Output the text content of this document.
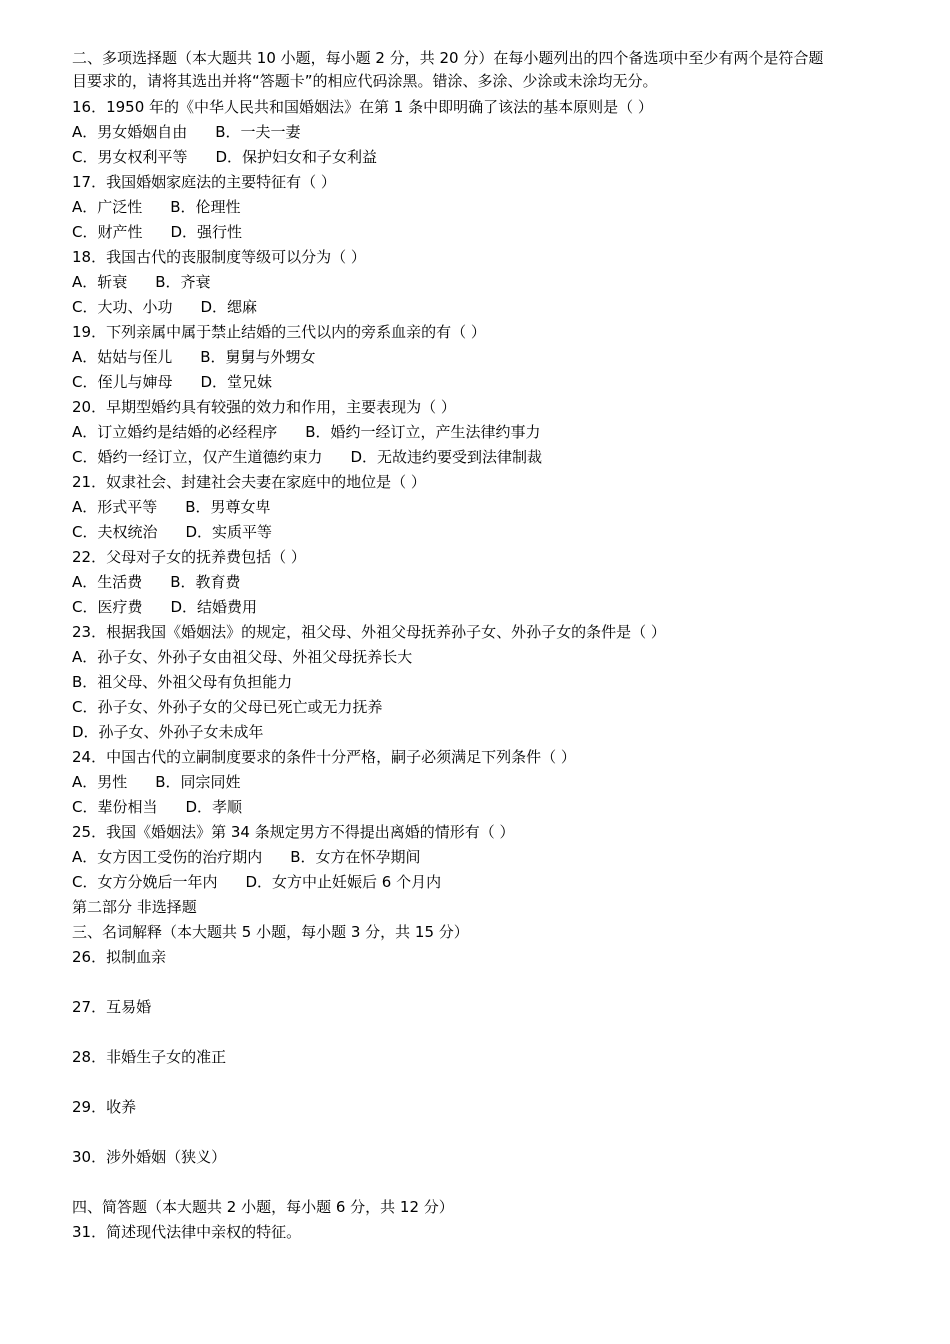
二、多项选择题（本大题共 10 小题，每小题 2 分，共 20 分）在每小题列出的四个备选项中至少有两个是符合题
目要求的，请将其选出并将“答题卡”的相应代码涂黑。错涂、多涂、少涂或未涂均无分。
16．1950 年的《中华人民共和国婚姻法》在第 1 条中即明确了该法的基本原则是（ ）
A．男女婚姻自由 B．一夫一妻
C．男女权利平等 D．保护妇女和子女利益
17．我国婚姻家庭法的主要特征有（ ）
A．广泛性 B．伦理性
C．财产性 D．强行性
18．我国古代的丧服制度等级可以分为（ ）
A．斩衰 B．齐衰
C．大功、小功 D．缌麻
19．下列亲属中属于禁止结婚的三代以内的旁系血亲的有（ ）
A．姑姑与侄儿 B．舅舅与外甥女
C．侄儿与婶母 D．堂兄妹
20．早期型婚约具有较强的效力和作用，主要表现为（ ）
A．订立婚约是结婚的必经程序 B．婚约一经订立，产生法律约事力
C．婚约一经订立，仅产生道德约束力 D．无故违约要受到法律制裁
21．奴隶社会、封建社会夫妻在家庭中的地位是（ ）
A．形式平等 B．男尊女卑
C．夫权统治 D．实质平等
22．父母对子女的抚养费包括（ ）
A．生活费 B．教育费
C．医疗费 D．结婚费用
23．根据我国《婚姻法》的规定，祖父母、外祖父母抚养孙子女、外孙子女的条件是（ ）
A．孙子女、外孙子女由祖父母、外祖父母抚养长大
B．祖父母、外祖父母有负担能力
C．孙子女、外孙子女的父母已死亡或无力抚养
D．孙子女、外孙子女未成年
24．中国古代的立嗣制度要求的条件十分严格，嗣子必须满足下列条件（ ）
A．男性 B．同宗同姓
C．辈份相当 D．孝顺
25．我国《婚姻法》第 34 条规定男方不得提出离婚的情形有（ ）
A．女方因工受伤的治疗期内 B．女方在怀孕期间
C．女方分娩后一年内 D．女方中止妊娠后 6 个月内
第二部分 非选择题
三、名词解释（本大题共 5 小题，每小题 3 分，共 15 分）
26．拟制血亲
27．互易婚
28．非婚生子女的准正
29．收养
30．涉外婚姻（狭义）
四、简答题（本大题共 2 小题，每小题 6 分，共 12 分）
31．简述现代法律中亲权的特征。
